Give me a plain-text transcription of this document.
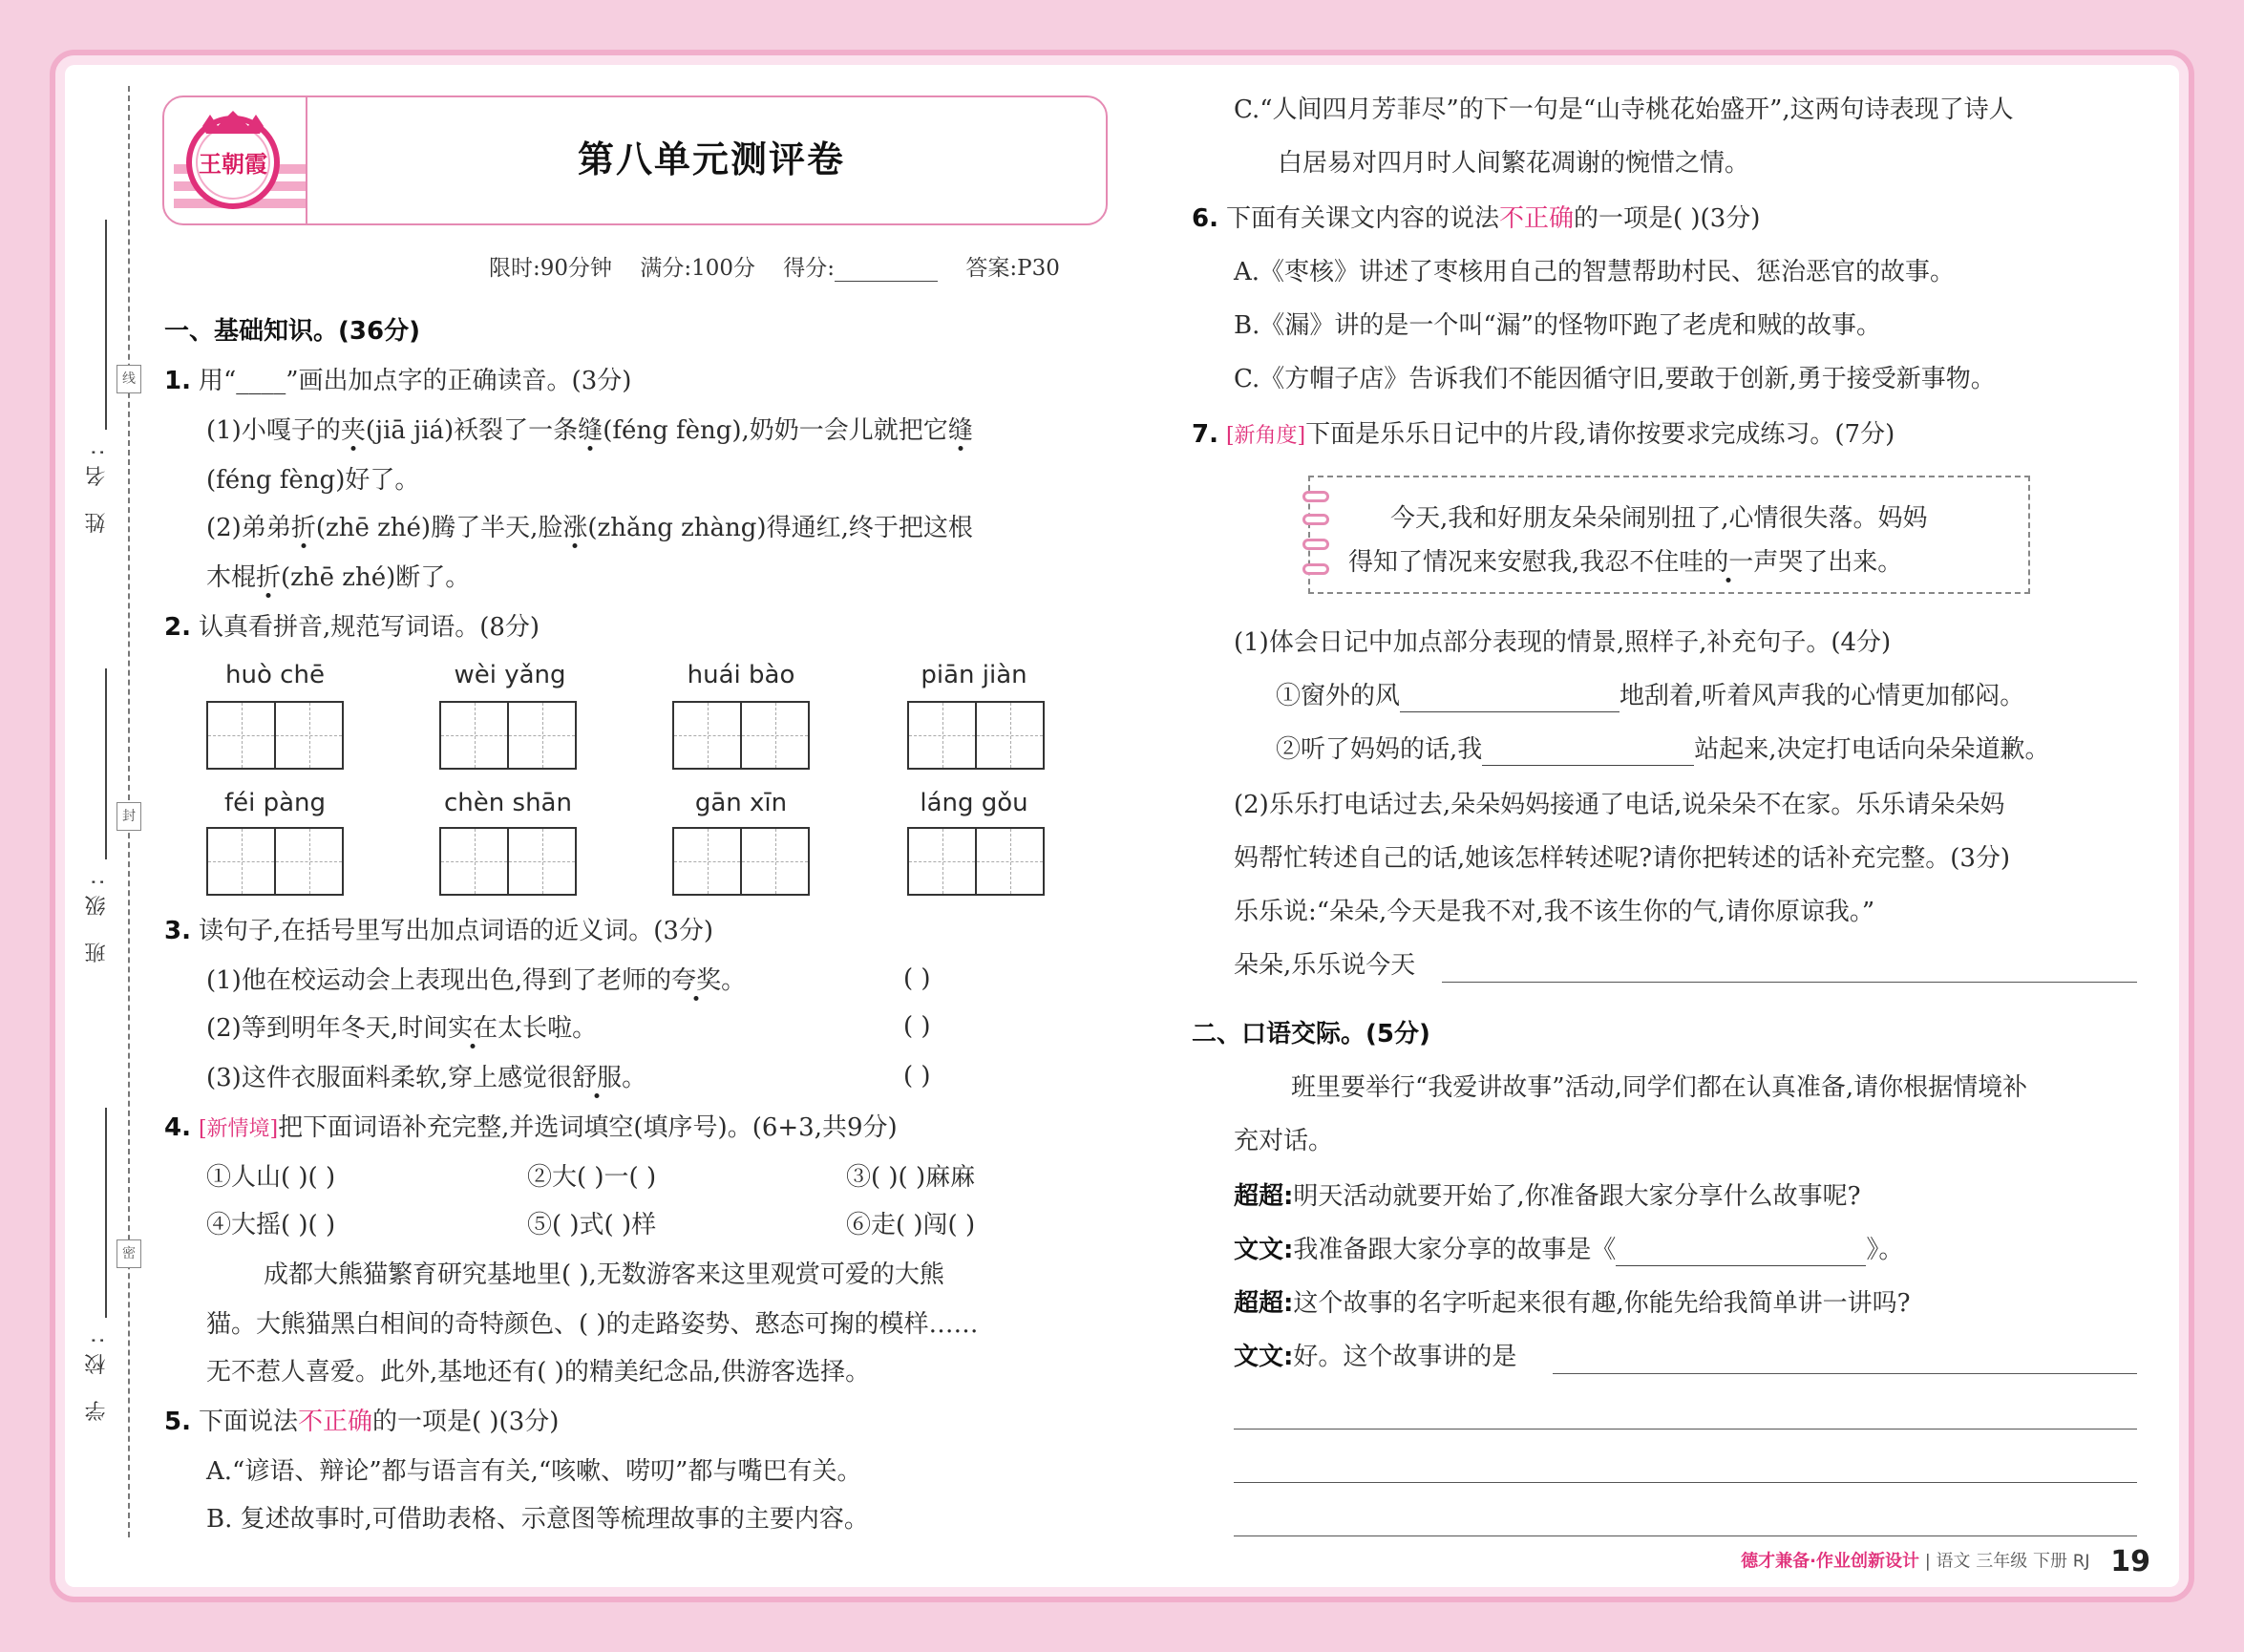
姓 名:
线
班 级:
封
学 校:
密
王朝霞	第八单元测评卷
限时:90分钟 满分:100分 得分:	答案:P30
一、基础知识。(36分)
1. 用“____”画出加点字的正确读音。(3分)
(1)小嘎子的夹(jiā jiá)袄裂了一条缝(féng fèng),奶奶一会儿就把它缝
(féng fèng)好了。
(2)弟弟折(zhē zhé)腾了半天,脸涨(zhǎng zhàng)得通红,终于把这根
木棍折(zhē zhé)断了。
2. 认真看拼音,规范写词语。(8分)
huò chē	wèi yǎng	huái bào	piān jiàn
féi pàng	chèn shān	gān xīn	láng gǒu
3. 读句子,在括号里写出加点词语的近义词。(3分)
(1)他在校运动会上表现出色,得到了老师的夸奖。	( )
(2)等到明年冬天,时间实在太长啦。	( )
(3)这件衣服面料柔软,穿上感觉很舒服。	( )
4. [新情境]把下面词语补充完整,并选词填空(填序号)。(6+3,共9分)
①人山( )( )	②大( )一( )	③( )( )麻麻
④大摇( )( )	⑤( )式( )样	⑥走( )闯( )
成都大熊猫繁育研究基地里( ),无数游客来这里观赏可爱的大熊
猫。大熊猫黑白相间的奇特颜色、( )的走路姿势、憨态可掬的模样……
无不惹人喜爱。此外,基地还有( )的精美纪念品,供游客选择。
5. 下面说法不正确的一项是( )(3分)
A.“谚语、辩论”都与语言有关,“咳嗽、唠叨”都与嘴巴有关。
B. 复述故事时,可借助表格、示意图等梳理故事的主要内容。
C.“人间四月芳菲尽”的下一句是“山寺桃花始盛开”,这两句诗表现了诗人
白居易对四月时人间繁花凋谢的惋惜之情。
6. 下面有关课文内容的说法不正确的一项是( )(3分)
A.《枣核》讲述了枣核用自己的智慧帮助村民、惩治恶官的故事。
B.《漏》讲的是一个叫“漏”的怪物吓跑了老虎和贼的故事。
C.《方帽子店》告诉我们不能因循守旧,要敢于创新,勇于接受新事物。
7. [新角度]下面是乐乐日记中的片段,请你按要求完成练习。(7分)
今天,我和好朋友朵朵闹别扭了,心情很失落。妈妈
得知了情况来安慰我,我忍不住哇的一声哭了出来。
(1)体会日记中加点部分表现的情景,照样子,补充句子。(4分)
①窗外的风	地刮着,听着风声我的心情更加郁闷。
②听了妈妈的话,我	站起来,决定打电话向朵朵道歉。
(2)乐乐打电话过去,朵朵妈妈接通了电话,说朵朵不在家。乐乐请朵朵妈
妈帮忙转述自己的话,她该怎样转述呢?请你把转述的话补充完整。(3分)
乐乐说:“朵朵,今天是我不对,我不该生你的气,请你原谅我。”
朵朵,乐乐说今天
二、口语交际。(5分)
班里要举行“我爱讲故事”活动,同学们都在认真准备,请你根据情境补
充对话。
超超:明天活动就要开始了,你准备跟大家分享什么故事呢?
文文:我准备跟大家分享的故事是《	》。
超超:这个故事的名字听起来很有趣,你能先给我简单讲一讲吗?
文文:好。这个故事讲的是
德才兼备·作业创新设计 | 语文 三年级 下册 RJ 19
